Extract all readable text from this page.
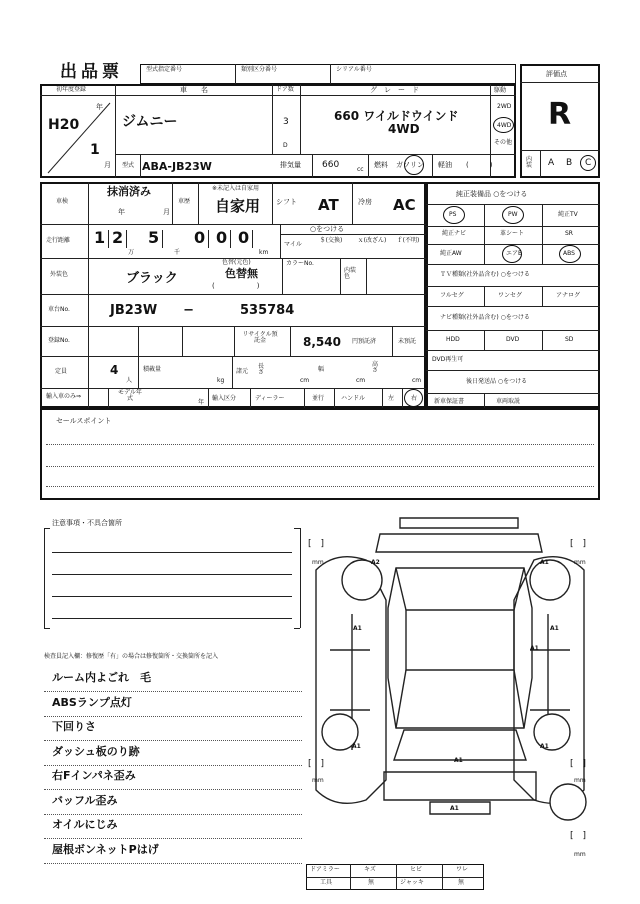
出品票	型式指定番号	類別区分番号	シリアル番号
評価点
R
内装 A B C
初年度登録
H20
年
1
月
車　　名
ジムニー
ドア数
3
D
グ　レ　ー　ド
660 ワイルドウインド
4WD
駆動
2WD
4WD
その他
型式 ABA-JB23W	排気量 660	cc
燃料 ガソリン 軽油 (　　　)
車検
抹消済み
年	月
車歴
※未記入は自家用
自家用 シフト AT	冷房 AC
走行距離 1 2 5 0 0 0
万	千	km
○をつける
マイル
＄(交換)	ｘ(改ざん)	ｆ(不明)
外装色	ブラック
色替(元色)
色替無
(　　　　　　)
カラーNo.
内装色
車台No.	JB23W　　−	535784
登録No.
リサイクル預託金	8,540 円預託済	未預託
定員	4
人
積載量
kg
諸元
長さ
cm
幅
cm
高さ
cm
輸入車のみ⇒
モデル年式
年
輸入区分	ディーラー	並行	ハンドル	左	右
純正装備品 ○をつける
PS	PW	純正TV
純正ナビ	革シート	SR
純正AW	エアB	ABS
ＴＶ種類(社外品含む) ○をつける
フルセグ	ワンセグ	アナログ
ナビ種類(社外品含む) ○をつける
HDD	DVD	SD
DVD再生可
後日発送品 ○をつける
新車保証書	車両取説
セールスポイント
注意事項・不具合箇所
検査員記入欄：修復歴「有」の場合は修復箇所・交換箇所を記入
ルーム内よごれ　毛
ABSランプ点灯
下回りさ
ダッシュ板のり跡
右Fインパネ歪み
バッフル歪み
オイルにじみ
屋根ボンネットPはげ
A2	A1
A1	A1
A1
A1	A1
A1
A1
[　]
mm
[　]
mm
[　]
mm
[　]
mm
[　]
mm
ドアミラー	キズ	ヒビ	ワレ
工具	無	ジャッキ	無
